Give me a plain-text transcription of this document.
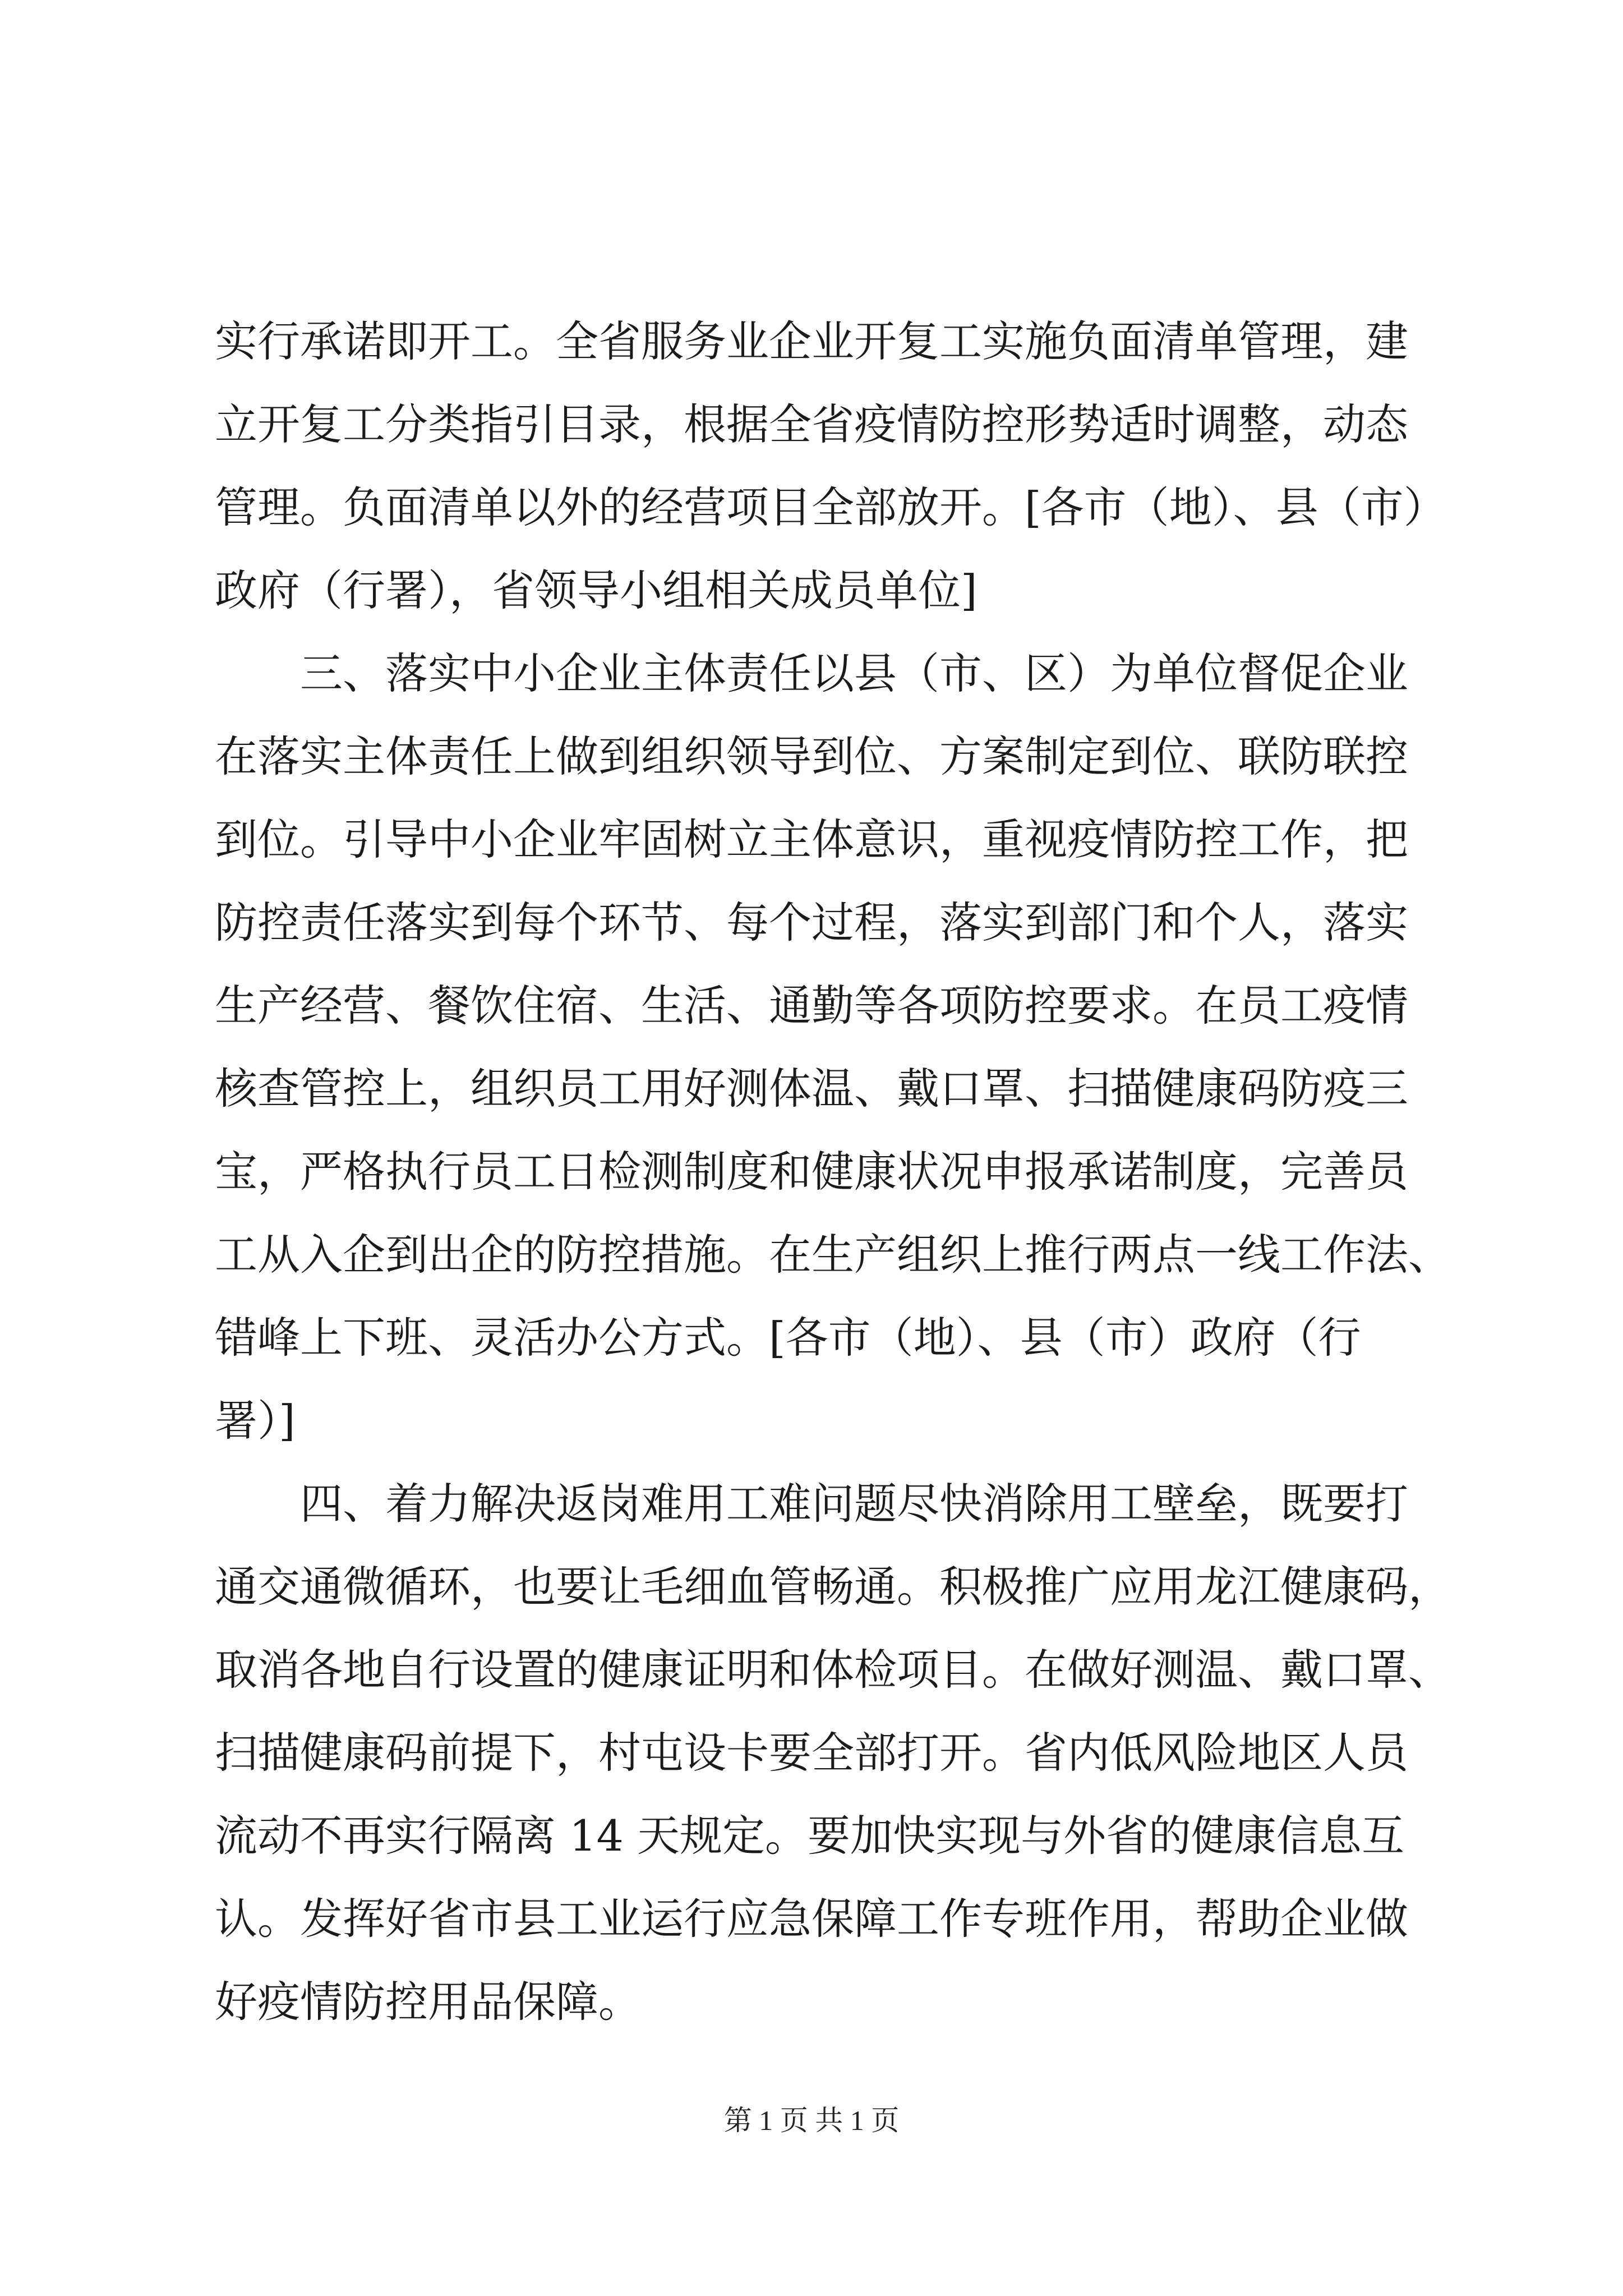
实行承诺即开工。全省服务业企业开复工实施负面清单管理，建
立开复工分类指引目录，根据全省疫情防控形势适时调整，动态
管理。负面清单以外的经营项目全部放开。[各市（地）、县（市）
政府（行署），省领导小组相关成员单位]
　　三、落实中小企业主体责任以县（市、区）为单位督促企业
在落实主体责任上做到组织领导到位、方案制定到位、联防联控
到位。引导中小企业牢固树立主体意识，重视疫情防控工作，把
防控责任落实到每个环节、每个过程，落实到部门和个人，落实
生产经营、餐饮住宿、生活、通勤等各项防控要求。在员工疫情
核查管控上，组织员工用好测体温、戴口罩、扫描健康码防疫三
宝，严格执行员工日检测制度和健康状况申报承诺制度，完善员
工从入企到出企的防控措施。在生产组织上推行两点一线工作法、
错峰上下班、灵活办公方式。[各市（地）、县（市）政府（行
署）]
　　四、着力解决返岗难用工难问题尽快消除用工壁垒，既要打
通交通微循环，也要让毛细血管畅通。积极推广应用龙江健康码，
取消各地自行设置的健康证明和体检项目。在做好测温、戴口罩、
扫描健康码前提下，村屯设卡要全部打开。省内低风险地区人员
流动不再实行隔离 14 天规定。要加快实现与外省的健康信息互
认。发挥好省市县工业运行应急保障工作专班作用，帮助企业做
好疫情防控用品保障。
第 1 页 共 1 页
